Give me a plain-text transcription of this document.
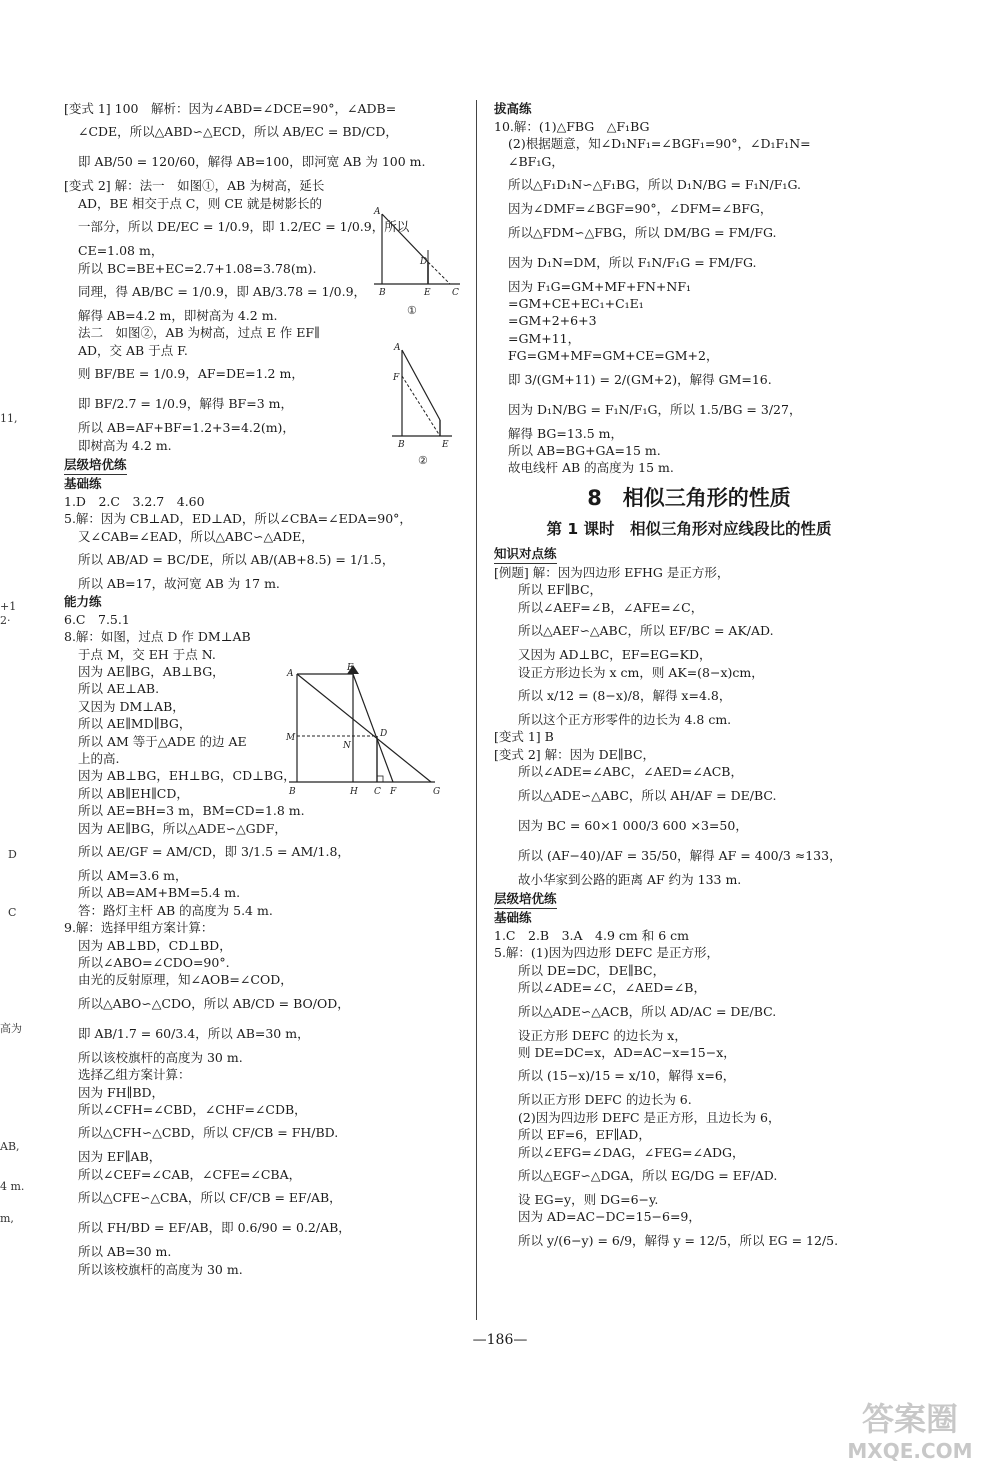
[变式 1] 100　解析：因为∠ABD=∠DCE=90°，∠ADB=
∠CDE，所以△ABD∽△ECD，所以 AB/EC = BD/CD，
即 AB/50 = 120/60，解得 AB=100，即河宽 AB 为 100 m.
[变式 2] 解：法一　如图①，AB 为树高，延长
AD，BE 相交于点 C，则 CE 就是树影长的
一部分，所以 DE/EC = 1/0.9，即 1.2/EC = 1/0.9，所以
CE=1.08 m，
所以 BC=BE+EC=2.7+1.08=3.78(m).
同理，得 AB/BC = 1/0.9，即 AB/3.78 = 1/0.9，
解得 AB=4.2 m，即树高为 4.2 m.
法二　如图②，AB 为树高，过点 E 作 EF∥
AD，交 AB 于点 F.
则 BF/BE = 1/0.9，AF=DE=1.2 m，
即 BF/2.7 = 1/0.9，解得 BF=3 m，
所以 AB=AF+BF=1.2+3=4.2(m)，
即树高为 4.2 m.
层级培优练
基础练
1.D　2.C　3.2.7　4.60
5.解：因为 CB⊥AD，ED⊥AD，所以∠CBA=∠EDA=90°，
又∠CAB=∠EAD，所以△ABC∽△ADE，
所以 AB/AD = BC/DE，所以 AB/(AB+8.5) = 1/1.5，
所以 AB=17，故河宽 AB 为 17 m.
能力练
6.C　7.5.1
8.解：如图，过点 D 作 DM⊥AB
于点 M，交 EH 于点 N.
因为 AE∥BG，AB⊥BG，
所以 AE⊥AB.
又因为 DM⊥AB，
所以 AE∥MD∥BG，
所以 AM 等于△ADE 的边 AE
上的高.
因为 AB⊥BG，EH⊥BG，CD⊥BG，
所以 AB∥EH∥CD，
所以 AE=BH=3 m，BM=CD=1.8 m.
因为 AE∥BG，所以△ADE∽△GDF，
所以 AE/GF = AM/CD，即 3/1.5 = AM/1.8，
所以 AM=3.6 m，
所以 AB=AM+BM=5.4 m.
答：路灯主杆 AB 的高度为 5.4 m.
9.解：选择甲组方案计算：
因为 AB⊥BD，CD⊥BD，
所以∠ABO=∠CDO=90°.
由光的反射原理，知∠AOB=∠COD，
所以△ABO∽△CDO，所以 AB/CD = BO/OD，
即 AB/1.7 = 60/3.4，所以 AB=30 m，
所以该校旗杆的高度为 30 m.
选择乙组方案计算：
因为 FH∥BD，
所以∠CFH=∠CBD，∠CHF=∠CDB，
所以△CFH∽△CBD，所以 CF/CB = FH/BD.
因为 EF∥AB，
所以∠CEF=∠CAB，∠CFE=∠CBA，
所以△CFE∽△CBA，所以 CF/CB = EF/AB，
所以 FH/BD = EF/AB，即 0.6/90 = 0.2/AB，
所以 AB=30 m.
所以该校旗杆的高度为 30 m.
拔高练
10.解：(1)△FBG　△F₁BG
(2)根据题意，知∠D₁NF₁=∠BGF₁=90°，∠D₁F₁N=
∠BF₁G，
所以△F₁D₁N∽△F₁BG，所以 D₁N/BG = F₁N/F₁G.
因为∠DMF=∠BGF=90°，∠DFM=∠BFG，
所以△FDM∽△FBG，所以 DM/BG = FM/FG.
因为 D₁N=DM，所以 F₁N/F₁G = FM/FG.
因为 F₁G=GM+MF+FN+NF₁
=GM+CE+EC₁+C₁E₁
=GM+2+6+3
=GM+11，
FG=GM+MF=GM+CE=GM+2，
即 3/(GM+11) = 2/(GM+2)，解得 GM=16.
因为 D₁N/BG = F₁N/F₁G，所以 1.5/BG = 3/27，
解得 BG=13.5 m，
所以 AB=BG+GA=15 m.
故电线杆 AB 的高度为 15 m.
8　相似三角形的性质
第 1 课时　相似三角形对应线段比的性质
知识对点练
[例题] 解：因为四边形 EFHG 是正方形，
所以 EF∥BC，
所以∠AEF=∠B，∠AFE=∠C，
所以△AEF∽△ABC，所以 EF/BC = AK/AD.
又因为 AD⊥BC，EF=EG=KD，
设正方形边长为 x cm，则 AK=(8−x)cm，
所以 x/12 = (8−x)/8，解得 x=4.8，
所以这个正方形零件的边长为 4.8 cm.
[变式 1] B
[变式 2] 解：因为 DE∥BC，
所以∠ADE=∠ABC，∠AED=∠ACB，
所以△ADE∽△ABC，所以 AH/AF = DE/BC.
因为 BC = 60×1 000/3 600 ×3=50，
所以 (AF−40)/AF = 35/50，解得 AF = 400/3 ≈133，
故小华家到公路的距离 AF 约为 133 m.
层级培优练
基础练
1.C　2.B　3.A　4.9 cm 和 6 cm
5.解：(1)因为四边形 DEFC 是正方形，
所以 DE=DC，DE∥BC，
所以∠ADE=∠C，∠AED=∠B，
所以△ADE∽△ACB，所以 AD/AC = DE/BC.
设正方形 DEFC 的边长为 x，
则 DE=DC=x，AD=AC−x=15−x，
所以 (15−x)/15 = x/10，解得 x=6，
所以正方形 DEFC 的边长为 6.
(2)因为四边形 DEFC 是正方形，且边长为 6，
所以 EF=6，EF∥AD，
所以∠EFG=∠DAG，∠FEG=∠ADG，
所以△EGF∽△DGA，所以 EG/DG = EF/AD.
设 EG=y，则 DG=6−y.
因为 AD=AC−DC=15−6=9，
所以 y/(6−y) = 6/9，解得 y = 12/5，所以 EG = 12/5.
A
D
B	E C
①
A
F
B	E
②
E
A
M
N
D
B	H C F	G
11,
+1
2·
D
C
高为
AB,
4 m.
m,
—186—
答案圈
MXQE.COM
